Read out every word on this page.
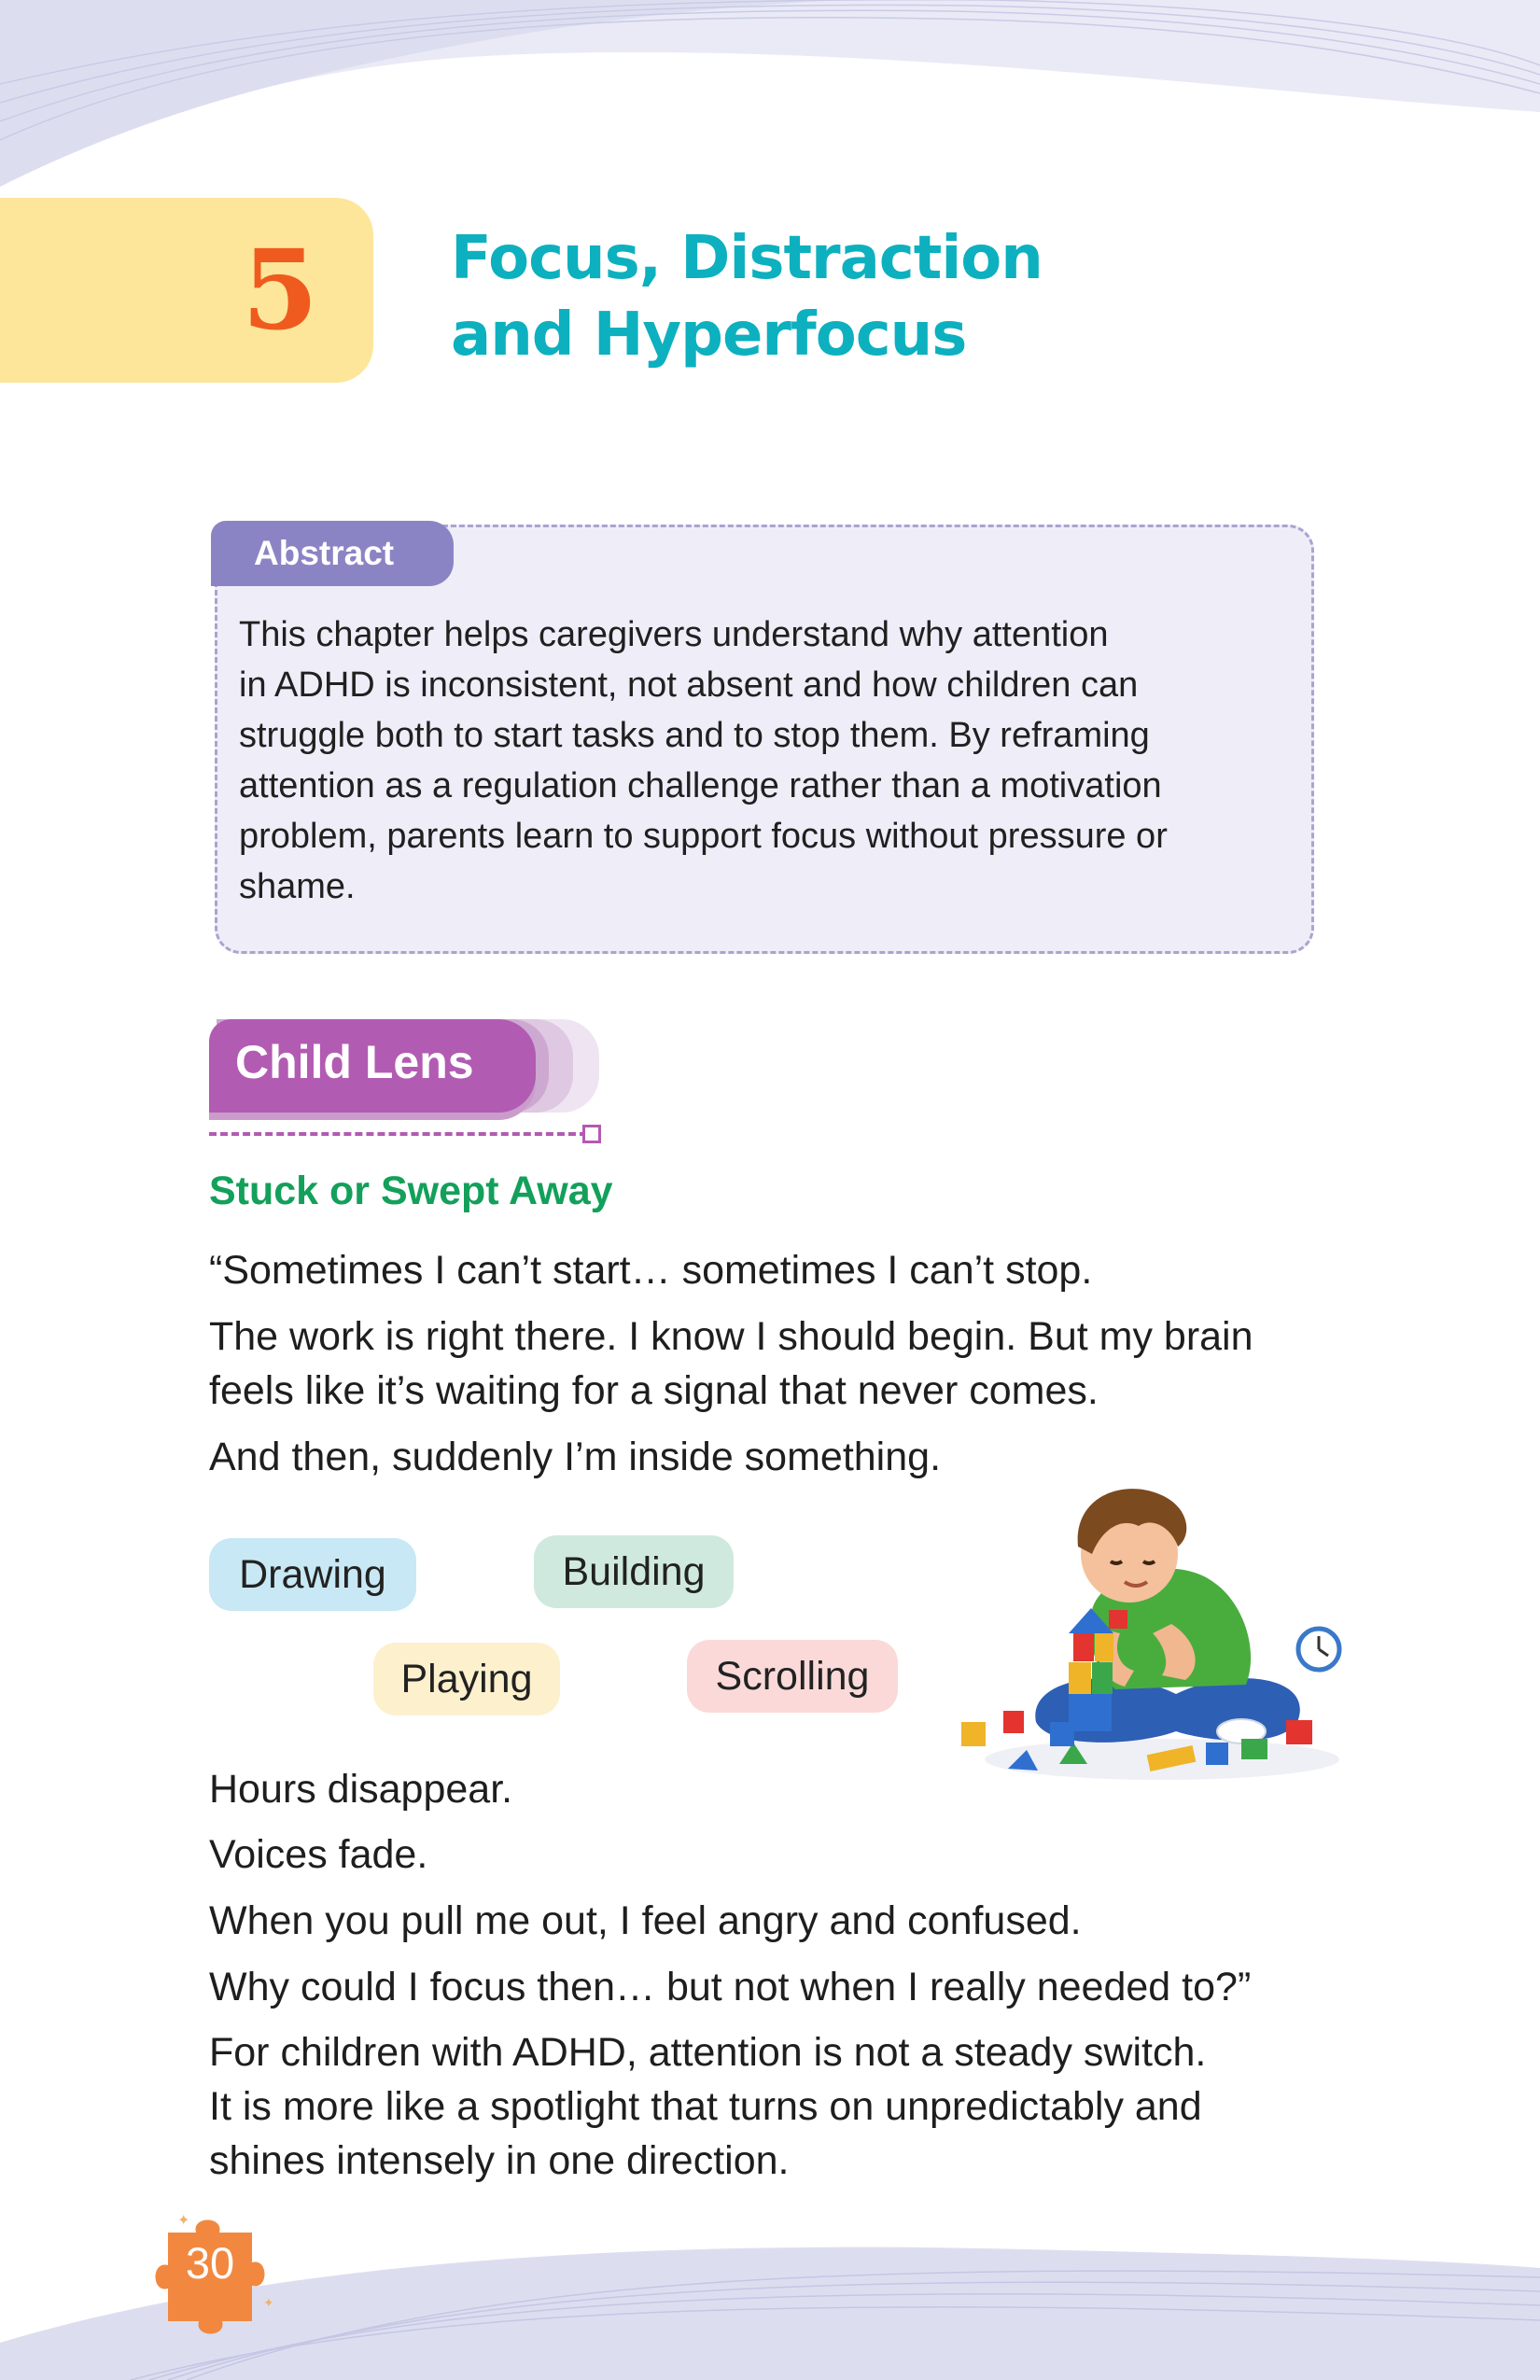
5	Focus, Distraction
and Hyperfocus
Abstract
This chapter helps caregivers understand why attention
in ADHD is inconsistent, not absent and how children can
struggle both to start tasks and to stop them. By reframing
attention as a regulation challenge rather than a motivation
problem, parents learn to support focus without pressure or
shame.
Child Lens
Stuck or Swept Away

“Sometimes I can’t start… sometimes I can’t stop.

The work is right there. I know I should begin. But my brain
feels like it’s waiting for a signal that never comes.

And then, suddenly I’m inside something.

Drawing	Building
Playing	Scrolling

Hours disappear.

Voices fade.

When you pull me out, I feel angry and confused.

Why could I focus then… but not when I really needed to?”

For children with ADHD, attention is not a steady switch.
It is more like a spotlight that turns on unpredictably and
shines intensely in one direction.
✦
✦
30
